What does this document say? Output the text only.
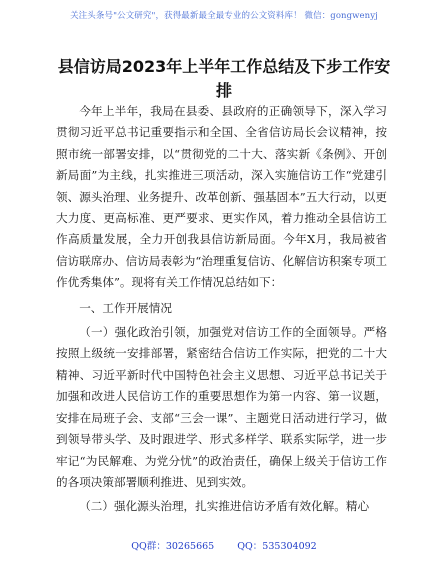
关注头条号"公文研究"，获得最新最全最专业的公文资料库！ 微信：gongwenyj
县信访局2023年上半年工作总结及下步工作安
排

今年上半年，我局在县委、县政府的正确领导下，深入学习贯彻习近平总书记重要指示和全国、全省信访局长会议精神，按照市统一部署安排，以“贯彻党的二十大、落实新《条例》、开创新局面”为主线，扎实推进三项活动，深入实施信访工作“党建引领、源头治理、业务提升、改革创新、强基固本”五大行动，以更大力度、更高标准、更严要求、更实作风，着力推动全县信访工作高质量发展，全力开创我县信访新局面。今年X月，我局被省信访联席办、信访局表彰为“治理重复信访、化解信访积案专项工作优秀集体”。现将有关工作情况总结如下：

一、工作开展情况

（一）强化政治引领，加强党对信访工作的全面领导。严格按照上级统一安排部署，紧密结合信访工作实际，把党的二十大精神、习近平新时代中国特色社会主义思想、习近平总书记关于加强和改进人民信访工作的重要思想作为第一内容、第一议题，安排在局班子会、支部“三会一课”、主题党日活动进行学习，做到领导带头学、及时跟进学、形式多样学、联系实际学，进一步牢记“为民解难、为党分忧”的政治责任，确保上级关于信访工作的各项决策部署顺利推进、见到实效。

（二）强化源头治理，扎实推进信访矛盾有效化解。精心

QQ群：30265665 QQ：535304092
